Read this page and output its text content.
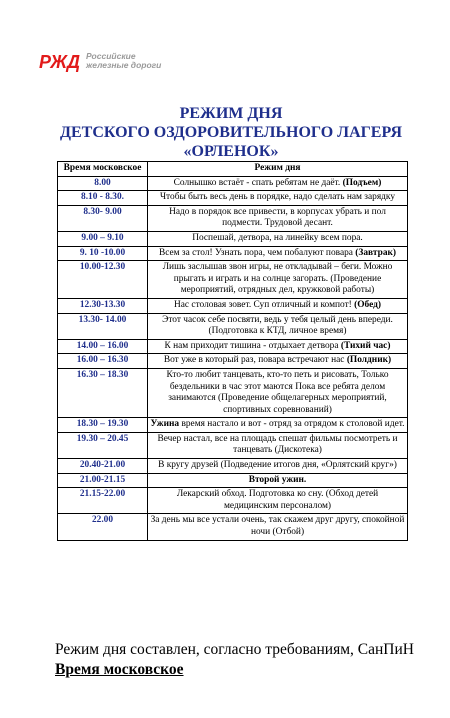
РЖД Российские
железные дороги
РЕЖИМ ДНЯ
ДЕТСКОГО ОЗДОРОВИТЕЛЬНОГО ЛАГЕРЯ
«ОРЛЕНОК»
Время московское	Режим дня
8.00	Солнышко встаёт - спать ребятам не даёт. (Подъем)
8.10 - 8.30.	Чтобы быть весь день в порядке, надо сделать нам зарядку
8.30- 9.00	Надо в порядок все привести, в корпусах убрать и пол подмести. Трудовой десант.
9.00 – 9.10	Поспешай, детвора, на линейку всем пора.
9. 10 -10.00	Всем за стол! Узнать пора, чем побалуют повара (Завтрак)
10.00-12.30	Лишь заслышав звон игры, не откладывай – беги. Можно прыгать и играть и на солнце загорать. (Проведение мероприятий, отрядных дел, кружковой работы)
12.30-13.30	Нас столовая зовет. Суп отличный и компот! (Обед)
13.30- 14.00	Этот часок себе посвяти, ведь у тебя целый день впереди. (Подготовка к КТД, личное время)
14.00 – 16.00	К нам приходит тишина - отдыхает детвора (Тихий час)
16.00 – 16.30	Вот уже в который раз, повара встречают нас (Полдник)
16.30 – 18.30	Кто-то любит танцевать, кто-то петь и рисовать, Только бездельники в час этот маются Пока все ребята делом занимаются (Проведение общелагерных мероприятий, спортивных соревнований)
18.30 – 19.30	Ужина время настало и вот - отряд за отрядом к столовой идет.
19.30 – 20.45	Вечер настал, все на площадь спешат фильмы посмотреть и танцевать (Дискотека)
20.40-21.00	В кругу друзей (Подведение итогов дня, «Орлятский круг»)
21.00-21.15	Второй ужин.
21.15-22.00	Лекарский обход. Подготовка ко сну. (Обход детей медицинским персоналом)
22.00	За день мы все устали очень, так скажем друг другу, спокойной ночи (Отбой)
Режим дня составлен, согласно требованиям, СанПиН
Время московское
